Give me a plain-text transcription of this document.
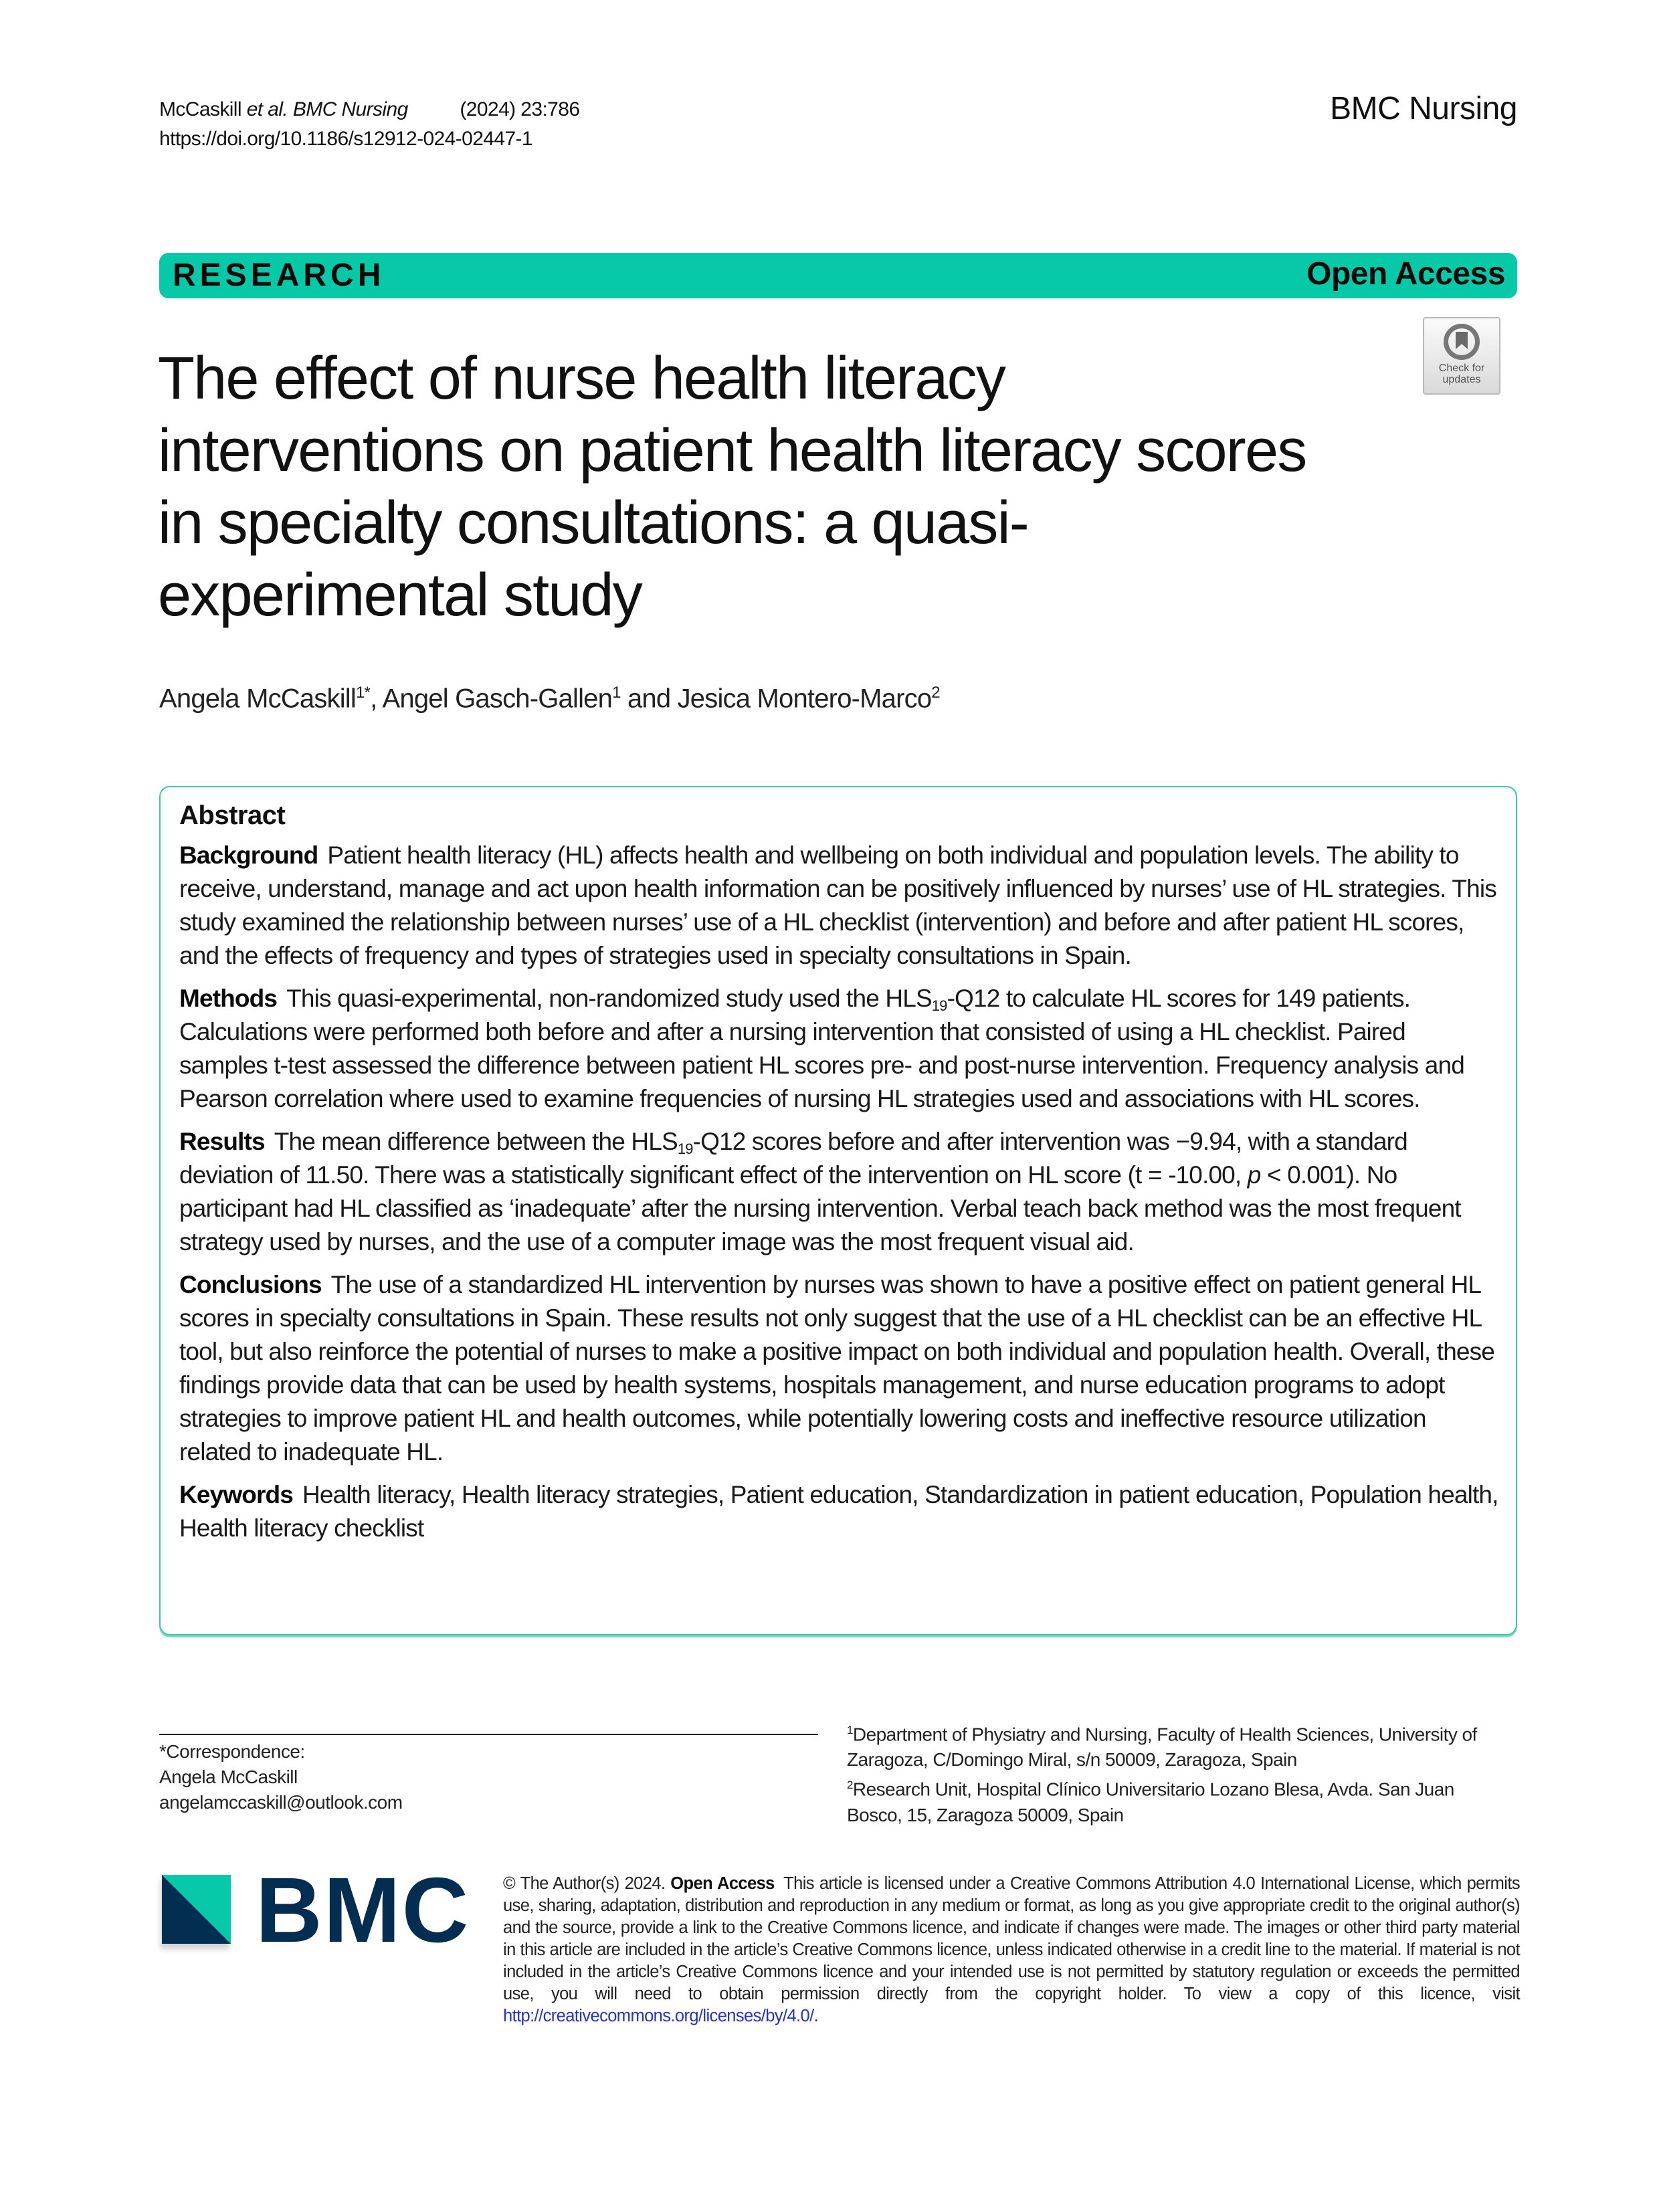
McCaskill et al. BMC Nursing	(2024) 23:786
https://doi.org/10.1186/s12912-024-02447-1
BMC Nursing
RESEARCH	Open Access
Check for
updates
The effect of nurse health literacy interventions on patient health literacy scores in specialty consultations: a quasi-experimental study
Angela McCaskill$^{1*}$, Angel Gasch-Gallen$^1$ and Jesica Montero-Marco$^2$
Abstract

Background Patient health literacy (HL) affects health and wellbeing on both individual and population levels. The ability to receive, understand, manage and act upon health information can be positively influenced by nurses’ use of HL strategies. This study examined the relationship between nurses’ use of a HL checklist (intervention) and before and after patient HL scores, and the effects of frequency and types of strategies used in specialty consultations in Spain.

Methods This quasi-experimental, non-randomized study used the $HLS_{19}-Q12$ to calculate HL scores for 149 patients. Calculations were performed both before and after a nursing intervention that consisted of using a HL checklist. Paired samples t-test assessed the difference between patient HL scores pre- and post-nurse intervention. Frequency analysis and Pearson correlation where used to examine frequencies of nursing HL strategies used and associations with HL scores.

Results The mean difference between the $HLS_{19}-Q12$ scores before and after intervention was −9.94, with a standard deviation of 11.50. There was a statistically significant effect of the intervention on HL score (t = -10.00, p < 0.001). No participant had HL classified as ‘inadequate’ after the nursing intervention. Verbal teach back method was the most frequent strategy used by nurses, and the use of a computer image was the most frequent visual aid.

Conclusions The use of a standardized HL intervention by nurses was shown to have a positive effect on patient general HL scores in specialty consultations in Spain. These results not only suggest that the use of a HL checklist can be an effective HL tool, but also reinforce the potential of nurses to make a positive impact on both individual and population health. Overall, these findings provide data that can be used by health systems, hospitals management, and nurse education programs to adopt strategies to improve patient HL and health outcomes, while potentially lowering costs and ineffective resource utilization related to inadequate HL.

Keywords Health literacy, Health literacy strategies, Patient education, Standardization in patient education, Population health, Health literacy checklist

*Correspondence:
Angela McCaskill
angelamccaskill@outlook.com
$^1$Department of Physiatry and Nursing, Faculty of Health Sciences, University of Zaragoza, C/Domingo Miral, s/n 50009, Zaragoza, Spain
$^2$Research Unit, Hospital Clínico Universitario Lozano Blesa, Avda. San Juan Bosco, 15, Zaragoza 50009, Spain
BMC © The Author(s) 2024. Open Access This article is licensed under a Creative Commons Attribution 4.0 International License, which permits use, sharing, adaptation, distribution and reproduction in any medium or format, as long as you give appropriate credit to the original author(s) and the source, provide a link to the Creative Commons licence, and indicate if changes were made. The images or other third party material in this article are included in the article’s Creative Commons licence, unless indicated otherwise in a credit line to the material. If material is not included in the article’s Creative Commons licence and your intended use is not permitted by statutory regulation or exceeds the permitted use, you will need to obtain permission directly from the copyright holder. To view a copy of this licence, visit http://creativecommons.org/licenses/by/4.0/.
